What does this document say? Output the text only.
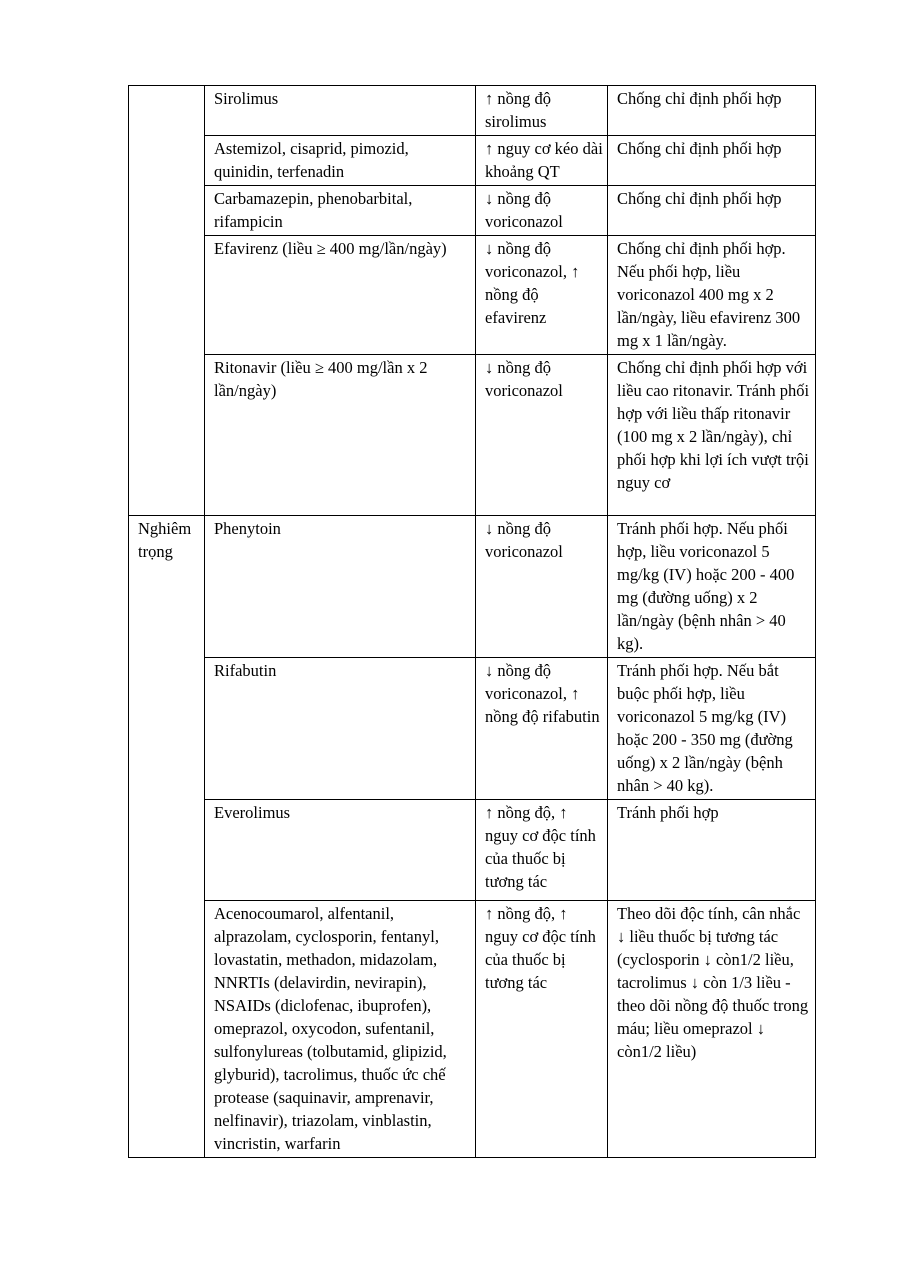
	Sirolimus	↑ nồng độ sirolimus	Chống chỉ định phối hợp
	Astemizol, cisaprid, pimozid, quinidin, terfenadin	↑ nguy cơ kéo dài khoảng QT	Chống chỉ định phối hợp
	Carbamazepin, phenobarbital, rifampicin	↓ nồng độ voriconazol	Chống chỉ định phối hợp
	Efavirenz (liều ≥ 400 mg/lần/ngày)	↓ nồng độ voriconazol, ↑ nồng độ efavirenz	Chống chỉ định phối hợp. Nếu phối hợp, liều voriconazol 400 mg x 2 lần/ngày, liều efavirenz 300 mg x 1 lần/ngày.
	Ritonavir (liều ≥ 400 mg/lần x 2 lần/ngày)	↓ nồng độ voriconazol	Chống chỉ định phối hợp với liều cao ritonavir. Tránh phối hợp với liều thấp ritonavir (100 mg x 2 lần/ngày), chỉ phối hợp khi lợi ích vượt trội nguy cơ
Nghiêm trọng	Phenytoin	↓ nồng độ voriconazol	Tránh phối hợp. Nếu phối hợp, liều voriconazol 5 mg/kg (IV) hoặc 200 - 400 mg (đường uống) x 2 lần/ngày (bệnh nhân > 40 kg).
	Rifabutin	↓ nồng độ voriconazol, ↑ nồng độ rifabutin	Tránh phối hợp. Nếu bắt buộc phối hợp, liều voriconazol 5 mg/kg (IV) hoặc 200 - 350 mg (đường uống) x 2 lần/ngày (bệnh nhân > 40 kg).
	Everolimus	↑ nồng độ, ↑ nguy cơ độc tính của thuốc bị tương tác	Tránh phối hợp
	Acenocoumarol, alfentanil, alprazolam, cyclosporin, fentanyl, lovastatin, methadon, midazolam, NNRTIs (delavirdin, nevirapin), NSAIDs (diclofenac, ibuprofen), omeprazol, oxycodon, sufentanil, sulfonylureas (tolbutamid, glipizid, glyburid), tacrolimus, thuốc ức chế protease (saquinavir, amprenavir, nelfinavir), triazolam, vinblastin, vincristin, warfarin	↑ nồng độ, ↑ nguy cơ độc tính của thuốc bị tương tác	Theo dõi độc tính, cân nhắc ↓ liều thuốc bị tương tác (cyclosporin ↓ còn1/2 liều, tacrolimus ↓ còn 1/3 liều - theo dõi nồng độ thuốc trong máu; liều omeprazol ↓ còn1/2 liều)
